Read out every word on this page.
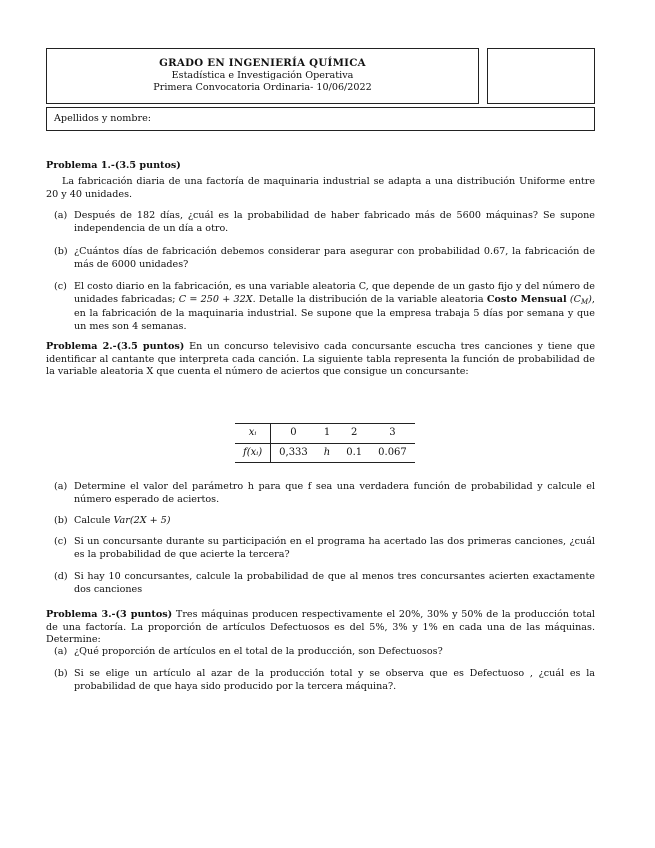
GRADO EN INGENIERÍA QUÍMICA
Estadística e Investigación Operativa
Primera Convocatoria Ordinaria- 10/06/2022
Apellidos y nombre:
Problema 1.-(3.5 puntos)
La fabricación diaria de una factoría de maquinaria industrial se adapta a una distribución Uniforme entre 20 y 40 unidades.
(a) Después de 182 días, ¿cuál es la probabilidad de haber fabricado más de 5600 máquinas? Se supone independencia de un día a otro.
(b) ¿Cuántos días de fabricación debemos considerar para asegurar con probabilidad 0.67, la fabricación de más de 6000 unidades?
(c) El costo diario en la fabricación, es una variable aleatoria C, que depende de un gasto fijo y del número de unidades fabricadas; C = 250 + 32X. Detalle la distribución de la variable aleatoria Costo Mensual $(C_M)$, en la fabricación de la maquinaria industrial. Se supone que la empresa trabaja 5 días por semana y que un mes son 4 semanas.
Problema 2.-(3.5 puntos) En un concurso televisivo cada concursante escucha tres canciones y tiene que identificar al cantante que interpreta cada canción. La siguiente tabla representa la función de probabilidad de la variable aleatoria X que cuenta el número de aciertos que consigue un concursante:
xᵢ	0	1	2	3
f(xᵢ)	0,333	h	0.1	0.067
(a) Determine el valor del parámetro h para que f sea una verdadera función de probabilidad y calcule el número esperado de aciertos.
(b) Calcule Var(2X + 5)
(c) Si un concursante durante su participación en el programa ha acertado las dos primeras canciones, ¿cuál es la probabilidad de que acierte la tercera?
(d) Si hay 10 concursantes, calcule la probabilidad de que al menos tres concursantes acierten exactamente dos canciones
Problema 3.-(3 puntos) Tres máquinas producen respectivamente el 20%, 30% y 50% de la producción total de una factoría. La proporción de artículos Defectuosos es del 5%, 3% y 1% en cada una de las máquinas. Determine:
(a) ¿Qué proporción de artículos en el total de la producción, son Defectuosos?
(b) Si se elige un artículo al azar de la producción total y se observa que es Defectuoso , ¿cuál es la probabilidad de que haya sido producido por la tercera máquina?.
